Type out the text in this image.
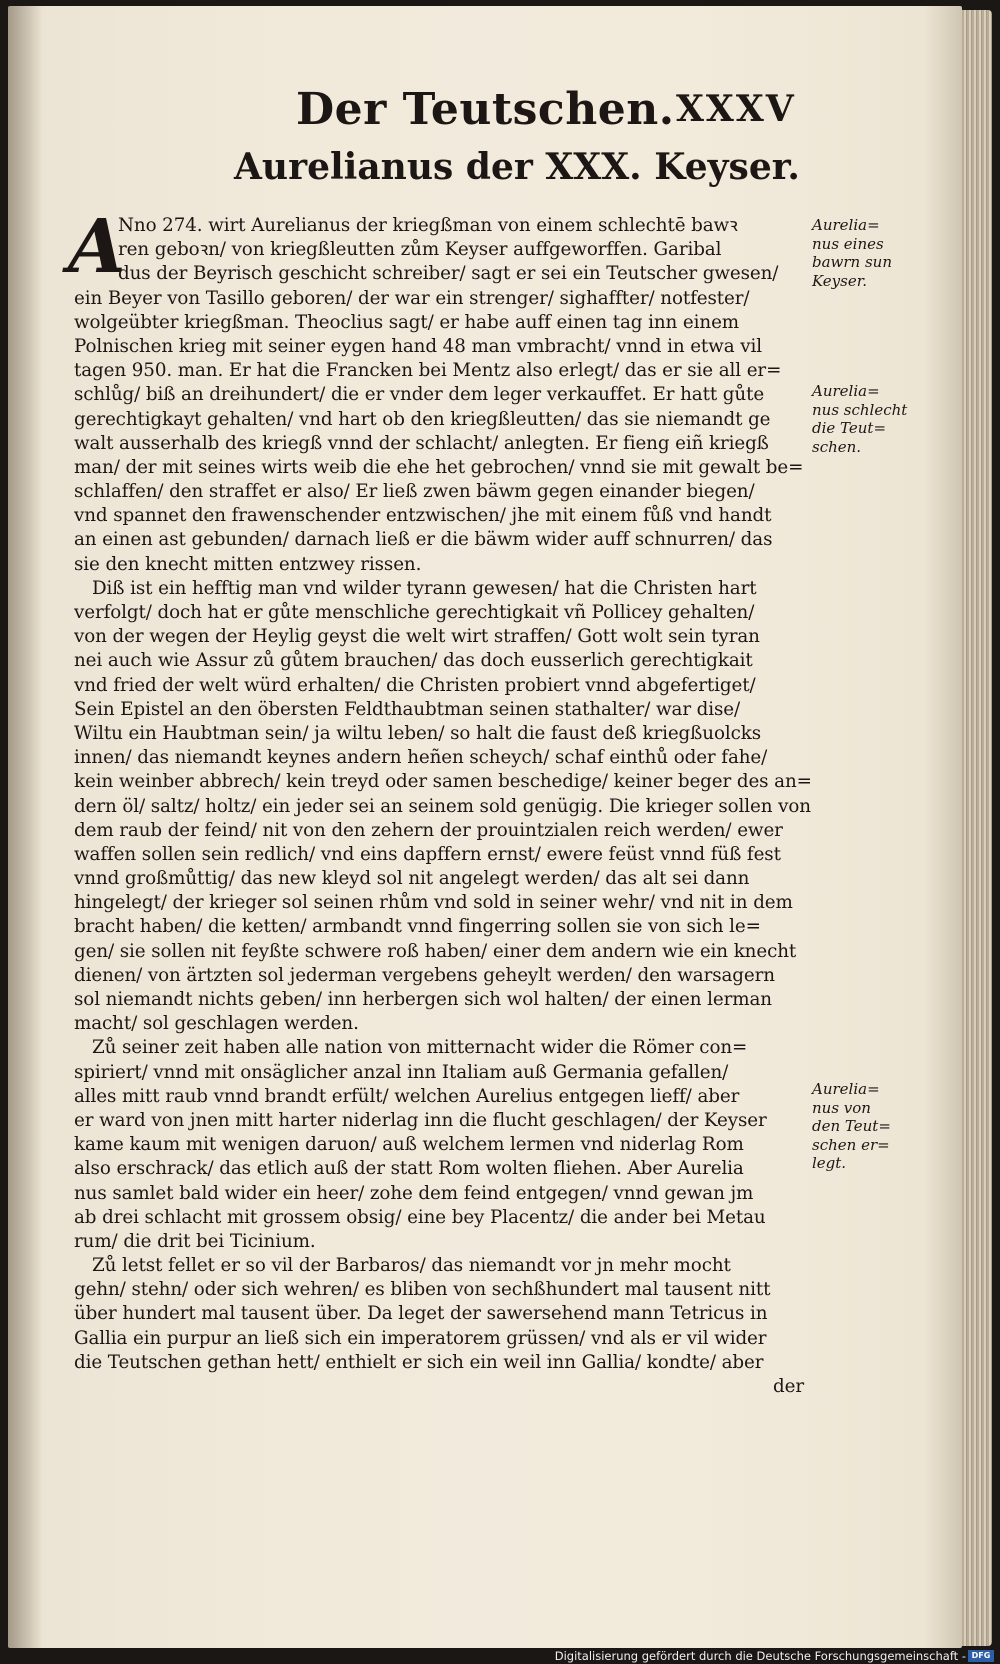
Der Teutschen. XXXV
Aurelianus der XXX. Keyser.
A
Nno 274. wirt Aurelianus der kriegßman von einem schlechtē bawꝛ
ren geboꝛn/ von kriegßleutten zům Keyser auffgeworffen. Garibal
dus der Beyrisch geschicht schreiber/ sagt er sei ein Teutscher gwesen/
ein Beyer von Tasillo geboren/ der war ein strenger/ sighaffter/ notfester/
wolgeübter kriegßman. Theoclius sagt/ er habe auff einen tag inn einem
Polnischen krieg mit seiner eygen hand 48 man vmbracht/ vnnd in etwa vil
tagen 950. man. Er hat die Francken bei Mentz also erlegt/ das er sie all er=
schlůg/ biß an dreihundert/ die er vnder dem leger verkauffet. Er hatt gůte
gerechtigkayt gehalten/ vnd hart ob den kriegßleutten/ das sie niemandt ge
walt ausserhalb des kriegß vnnd der schlacht/ anlegten. Er fieng eiñ kriegß
man/ der mit seines wirts weib die ehe het gebrochen/ vnnd sie mit gewalt be=
schlaffen/ den straffet er also/ Er ließ zwen bäwm gegen einander biegen/
vnd spannet den frawenschender entzwischen/ jhe mit einem fůß vnd handt
an einen ast gebunden/ darnach ließ er die bäwm wider auff schnurren/ das
sie den knecht mitten entzwey rissen.
Diß ist ein hefftig man vnd wilder tyrann gewesen/ hat die Christen hart
verfolgt/ doch hat er gůte menschliche gerechtigkait vñ Pollicey gehalten/
von der wegen der Heylig geyst die welt wirt straffen/ Gott wolt sein tyran
nei auch wie Assur zů gůtem brauchen/ das doch eusserlich gerechtigkait
vnd fried der welt würd erhalten/ die Christen probiert vnnd abgefertiget/
Sein Epistel an den öbersten Feldthaubtman seinen stathalter/ war dise/
Wiltu ein Haubtman sein/ ja wiltu leben/ so halt die faust deß kriegßuolcks
innen/ das niemandt keynes andern heñen scheych/ schaf einthů oder fahe/
kein weinber abbrech/ kein treyd oder samen beschedige/ keiner beger des an=
dern öl/ saltz/ holtz/ ein jeder sei an seinem sold genügig. Die krieger sollen von
dem raub der feind/ nit von den zehern der prouintzialen reich werden/ ewer
waffen sollen sein redlich/ vnd eins dapffern ernst/ ewere feüst vnnd füß fest
vnnd großmůttig/ das new kleyd sol nit angelegt werden/ das alt sei dann
hingelegt/ der krieger sol seinen rhům vnd sold in seiner wehr/ vnd nit in dem
bracht haben/ die ketten/ armbandt vnnd fingerring sollen sie von sich le=
gen/ sie sollen nit feyßte schwere roß haben/ einer dem andern wie ein knecht
dienen/ von ärtzten sol jederman vergebens geheylt werden/ den warsagern
sol niemandt nichts geben/ inn herbergen sich wol halten/ der einen lerman
macht/ sol geschlagen werden.
Zů seiner zeit haben alle nation von mitternacht wider die Römer con=
spiriert/ vnnd mit onsäglicher anzal inn Italiam auß Germania gefallen/
alles mitt raub vnnd brandt erfült/ welchen Aurelius entgegen lieff/ aber
er ward von jnen mitt harter niderlag inn die flucht geschlagen/ der Keyser
kame kaum mit wenigen daruon/ auß welchem lermen vnd niderlag Rom
also erschrack/ das etlich auß der statt Rom wolten fliehen. Aber Aurelia
nus samlet bald wider ein heer/ zohe dem feind entgegen/ vnnd gewan jm
ab drei schlacht mit grossem obsig/ eine bey Placentz/ die ander bei Metau
rum/ die drit bei Ticinium.
Zů letst fellet er so vil der Barbaros/ das niemandt vor jn mehr mocht
gehn/ stehn/ oder sich wehren/ es bliben von sechßhundert mal tausent nitt
über hundert mal tausent über. Da leget der sawersehend mann Tetricus in
Gallia ein purpur an ließ sich ein imperatorem grüssen/ vnd als er vil wider
die Teutschen gethan hett/ enthielt er sich ein weil inn Gallia/ kondte/ aber
der
Aurelia=
nus eines
bawrn sun
Keyser.
Aurelia=
nus schlecht
die Teut=
schen.
Aurelia=
nus von
den Teut=
schen er=
legt.
Digitalisierung gefördert durch die Deutsche Forschungsgemeinschaft - DFG
